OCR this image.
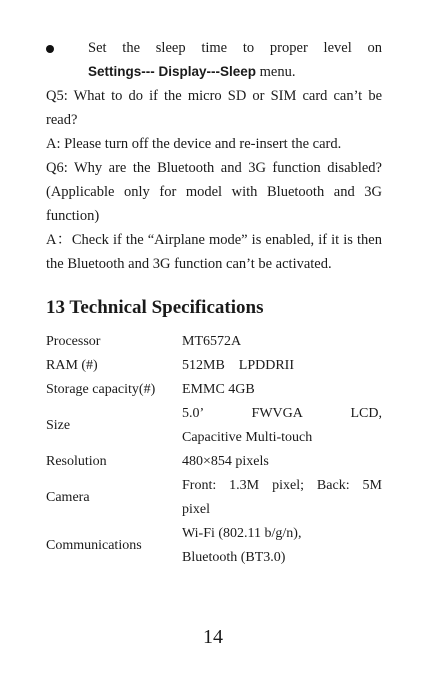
Set the sleep time to proper level on
Settings--- Display---Sleep menu.

Q5: What to do if the micro SD or SIM card can’t be read?

A: Please turn off the device and re-insert the card.

Q6: Why are the Bluetooth and 3G function disabled? (Applicable only for model with Bluetooth and 3G function)

A：Check if the “Airplane mode” is enabled, if it is then the Bluetooth and 3G function can’t be activated.

13 Technical Specifications
Processor	MT6572A
RAM (#)	512MB    LPDDRII
Storage capacity(#)	EMMC 4GB
Size	5.0’ FWVGA LCD,
Capacitive Multi-touch

Resolution	480×854 pixels
Camera	Front: 1.3M pixel; Back: 5M
pixel

Communications	Wi-Fi (802.11 b/g/n),
Bluetooth (BT3.0)
14
